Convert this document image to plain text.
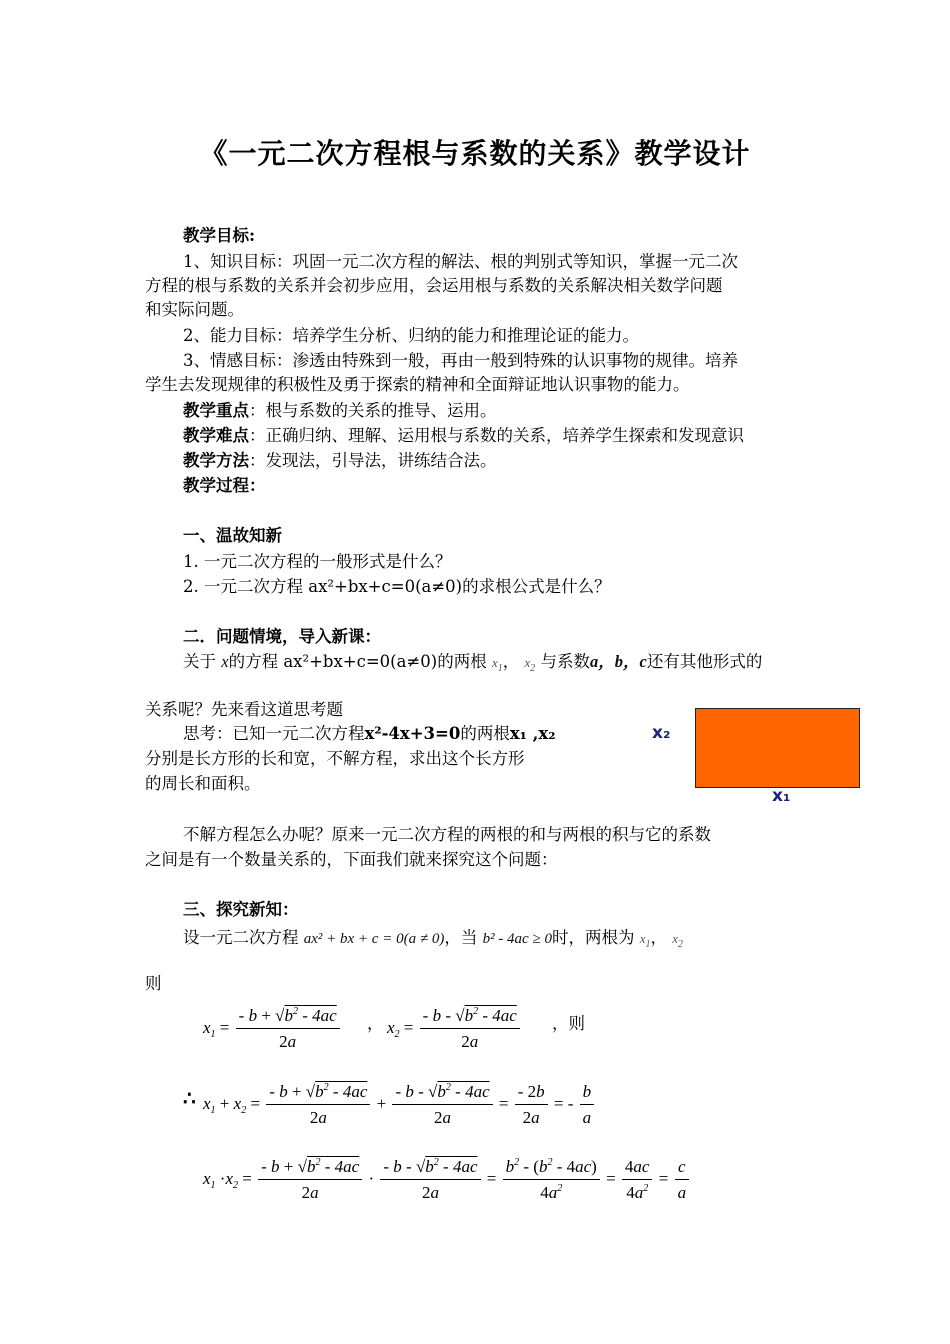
《一元二次方程根与系数的关系》教学设计
教学目标:
1、知识目标：巩固一元二次方程的解法、根的判别式等知识，掌握一元二次
方程的根与系数的关系并会初步应用，会运用根与系数的关系解决相关数学问题
和实际问题。
2、能力目标：培养学生分析、归纳的能力和推理论证的能力。
3、情感目标：渗透由特殊到一般，再由一般到特殊的认识事物的规律。培养
学生去发现规律的积极性及勇于探索的精神和全面辩证地认识事物的能力。
教学重点：根与系数的关系的推导、运用。
教学难点：正确归纳、理解、运用根与系数的关系，培养学生探索和发现意识
教学方法：发现法，引导法，讲练结合法。
教学过程：
一、温故知新
1. 一元二次方程的一般形式是什么？
2. 一元二次方程 ax²+bx+c=0(a≠0)的求根公式是什么？
二．问题情境，导入新课：
关于 x的方程 ax²+bx+c=0(a≠0)的两根 $x_1$， $x_2$ 与系数a，b，c还有其他形式的
关系呢？先来看这道思考题
思考：已知一元二次方程x²-4x+3=0的两根x₁ ,x₂
分别是长方形的长和宽，不解方程，求出这个长方形
的周长和面积。
x₂
x₁
不解方程怎么办呢？原来一元二次方程的两根的和与两根的积与它的系数
之间是有一个数量关系的，下面我们就来探究这个问题：
三、探究新知：
设一元二次方程 ax² + bx + c = 0(a ≠ 0)，当 b² - 4ac ≥ 0时，两根为 $x_1$， $x_2$
则
$x_1 = \frac{- b + √b^2 - 4ac}{2a}$ ， $x_2 = \frac{- b - √b^2 - 4ac}{2a}$ ，则
∴ $x_1 + x_2 = \frac{- b + √b^2 - 4ac}{2a} + \frac{- b - √b^2 - 4ac}{2a} = \frac{- 2b}{2a}$ = - $\frac{b}{a}$
$x_1 \cdot x_2 = \frac{- b + √b^2 - 4ac}{2a} \cdot \frac{- b - √b^2 - 4ac}{2a} = \frac{b^2 - (b^2 - 4ac)}{4a^2} = \frac{4ac}{4a^2} = \frac{c}{a}$
